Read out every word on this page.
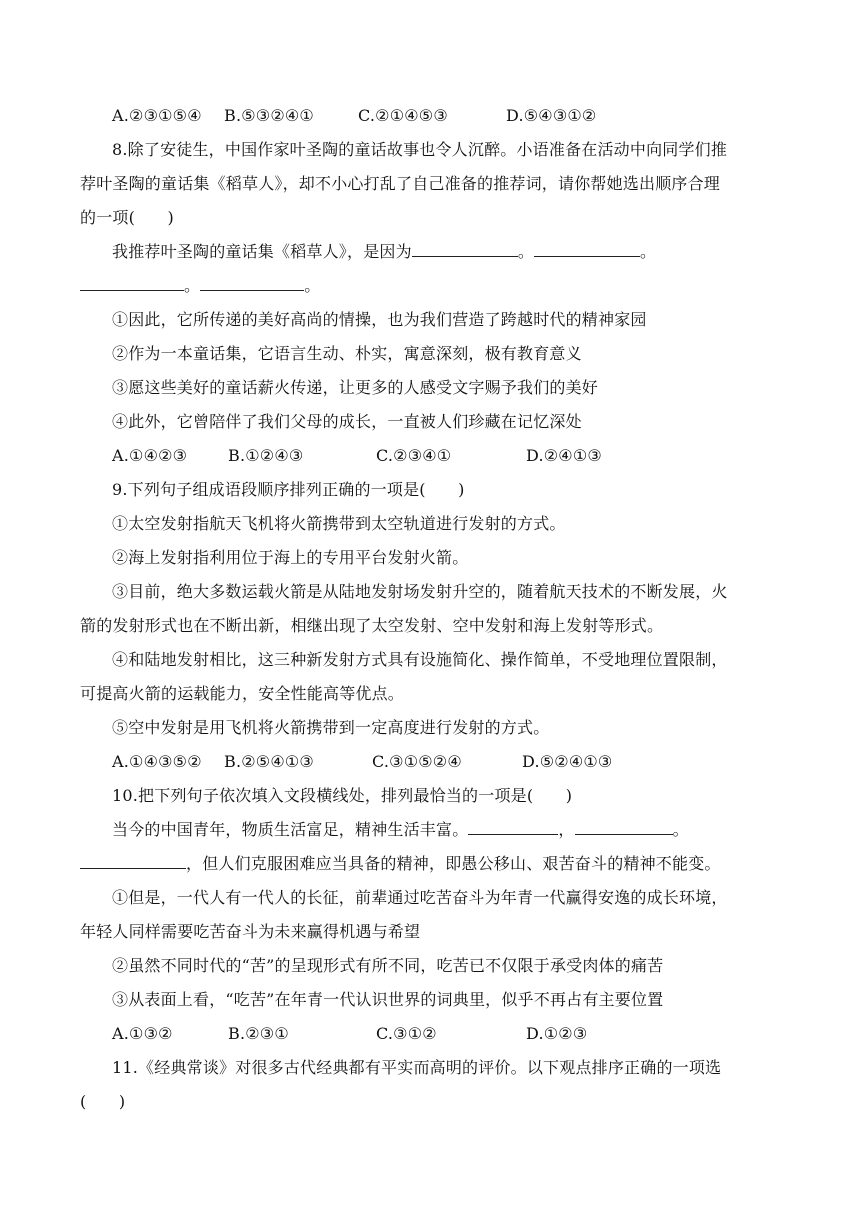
A.②③①⑤④ B.⑤③②④①	C.②①④⑤③	D.⑤④③①②
8.除了安徒生，中国作家叶圣陶的童话故事也令人沉醉。小语准备在活动中向同学们推
荐叶圣陶的童话集《稻草人》，却不小心打乱了自己准备的推荐词，请你帮她选出顺序合理
的一项(　　)
我推荐叶圣陶的童话集《稻草人》，是因为	。	。
。	。
①因此，它所传递的美好高尚的情操，也为我们营造了跨越时代的精神家园
②作为一本童话集，它语言生动、朴实，寓意深刻，极有教育意义
③愿这些美好的童话薪火传递，让更多的人感受文字赐予我们的美好
④此外，它曾陪伴了我们父母的成长，一直被人们珍藏在记忆深处
A.①④②③	B.①②④③	C.②③④①	D.②④①③
9.下列句子组成语段顺序排列正确的一项是(　　)
①太空发射指航天飞机将火箭携带到太空轨道进行发射的方式。
②海上发射指利用位于海上的专用平台发射火箭。
③目前，绝大多数运载火箭是从陆地发射场发射升空的，随着航天技术的不断发展，火
箭的发射形式也在不断出新，相继出现了太空发射、空中发射和海上发射等形式。
④和陆地发射相比，这三种新发射方式具有设施简化、操作简单，不受地理位置限制，
可提高火箭的运载能力，安全性能高等优点。
⑤空中发射是用飞机将火箭携带到一定高度进行发射的方式。
A.①④③⑤② B.②⑤④①③	C.③①⑤②④	D.⑤②④①③
10.把下列句子依次填入文段横线处，排列最恰当的一项是(　　)
当今的中国青年，物质生活富足，精神生活丰富。	，	。
，但人们克服困难应当具备的精神，即愚公移山、艰苦奋斗的精神不能变。
①但是，一代人有一代人的长征，前辈通过吃苦奋斗为年青一代赢得安逸的成长环境，
年轻人同样需要吃苦奋斗为未来赢得机遇与希望
②虽然不同时代的“苦”的呈现形式有所不同，吃苦已不仅限于承受肉体的痛苦
③从表面上看，“吃苦”在年青一代认识世界的词典里，似乎不再占有主要位置
A.①③②	B.②③①	C.③①②	D.①②③
11.《经典常谈》对很多古代经典都有平实而高明的评价。以下观点排序正确的一项选
(　　)
